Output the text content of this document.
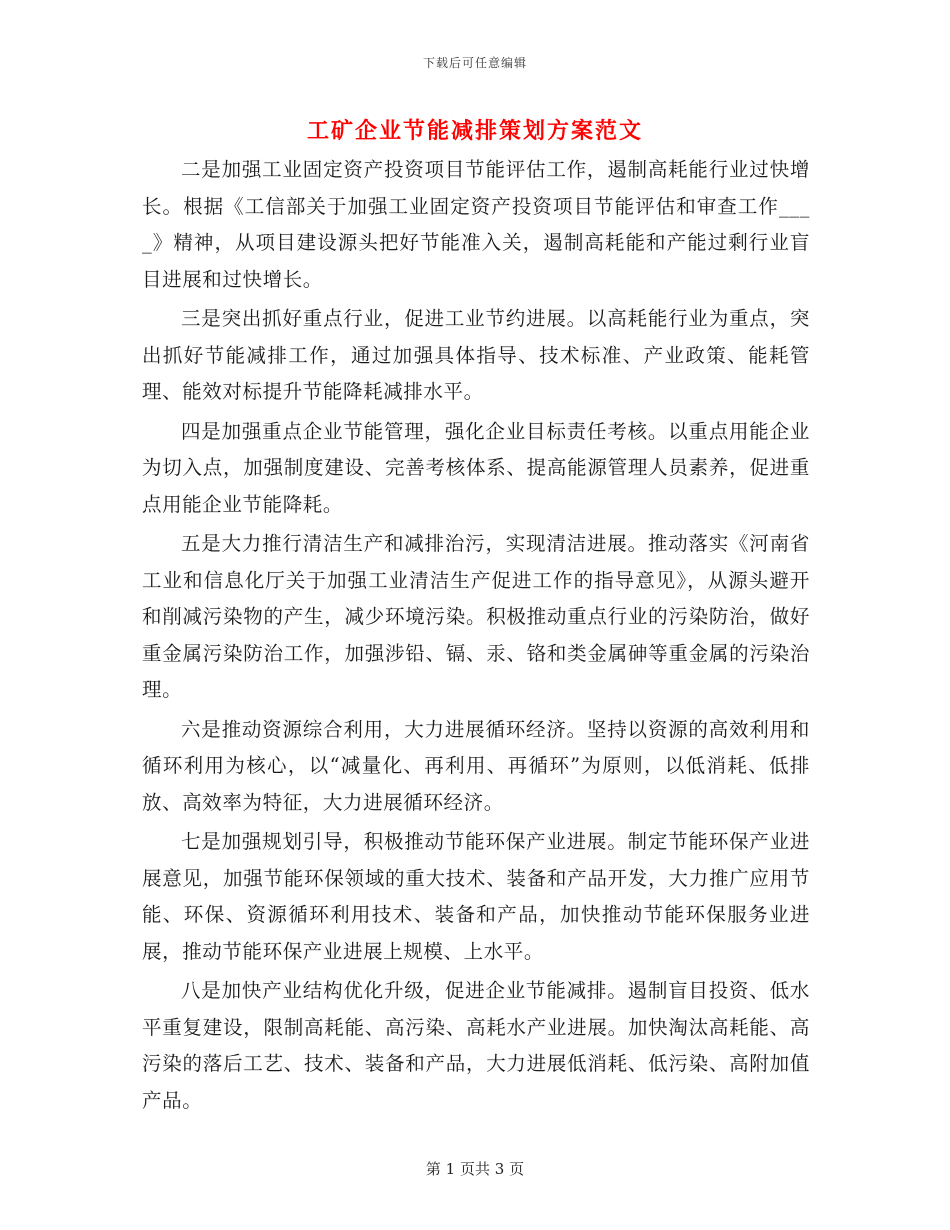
下载后可任意编辑
工矿企业节能减排策划方案范文

二是加强工业固定资产投资项目节能评估工作，遏制高耗能行业过快增长。根据《工信部关于加强工业固定资产投资项目节能评估和审查工作____》精神，从项目建设源头把好节能准入关，遏制高耗能和产能过剩行业盲目进展和过快增长。

三是突出抓好重点行业，促进工业节约进展。以高耗能行业为重点，突出抓好节能减排工作，通过加强具体指导、技术标准、产业政策、能耗管理、能效对标提升节能降耗减排水平。

四是加强重点企业节能管理，强化企业目标责任考核。以重点用能企业为切入点，加强制度建设、完善考核体系、提高能源管理人员素养，促进重点用能企业节能降耗。

五是大力推行清洁生产和减排治污，实现清洁进展。推动落实《河南省工业和信息化厅关于加强工业清洁生产促进工作的指导意见》，从源头避开和削减污染物的产生，减少环境污染。积极推动重点行业的污染防治，做好重金属污染防治工作，加强涉铅、镉、汞、铬和类金属砷等重金属的污染治理。

六是推动资源综合利用，大力进展循环经济。坚持以资源的高效利用和循环利用为核心，以“减量化、再利用、再循环”为原则，以低消耗、低排放、高效率为特征，大力进展循环经济。

七是加强规划引导，积极推动节能环保产业进展。制定节能环保产业进展意见，加强节能环保领域的重大技术、装备和产品开发，大力推广应用节能、环保、资源循环利用技术、装备和产品，加快推动节能环保服务业进展，推动节能环保产业进展上规模、上水平。

八是加快产业结构优化升级，促进企业节能减排。遏制盲目投资、低水平重复建设，限制高耗能、高污染、高耗水产业进展。加快淘汰高耗能、高污染的落后工艺、技术、装备和产品，大力进展低消耗、低污染、高附加值产品。

第 1 页共 3 页
